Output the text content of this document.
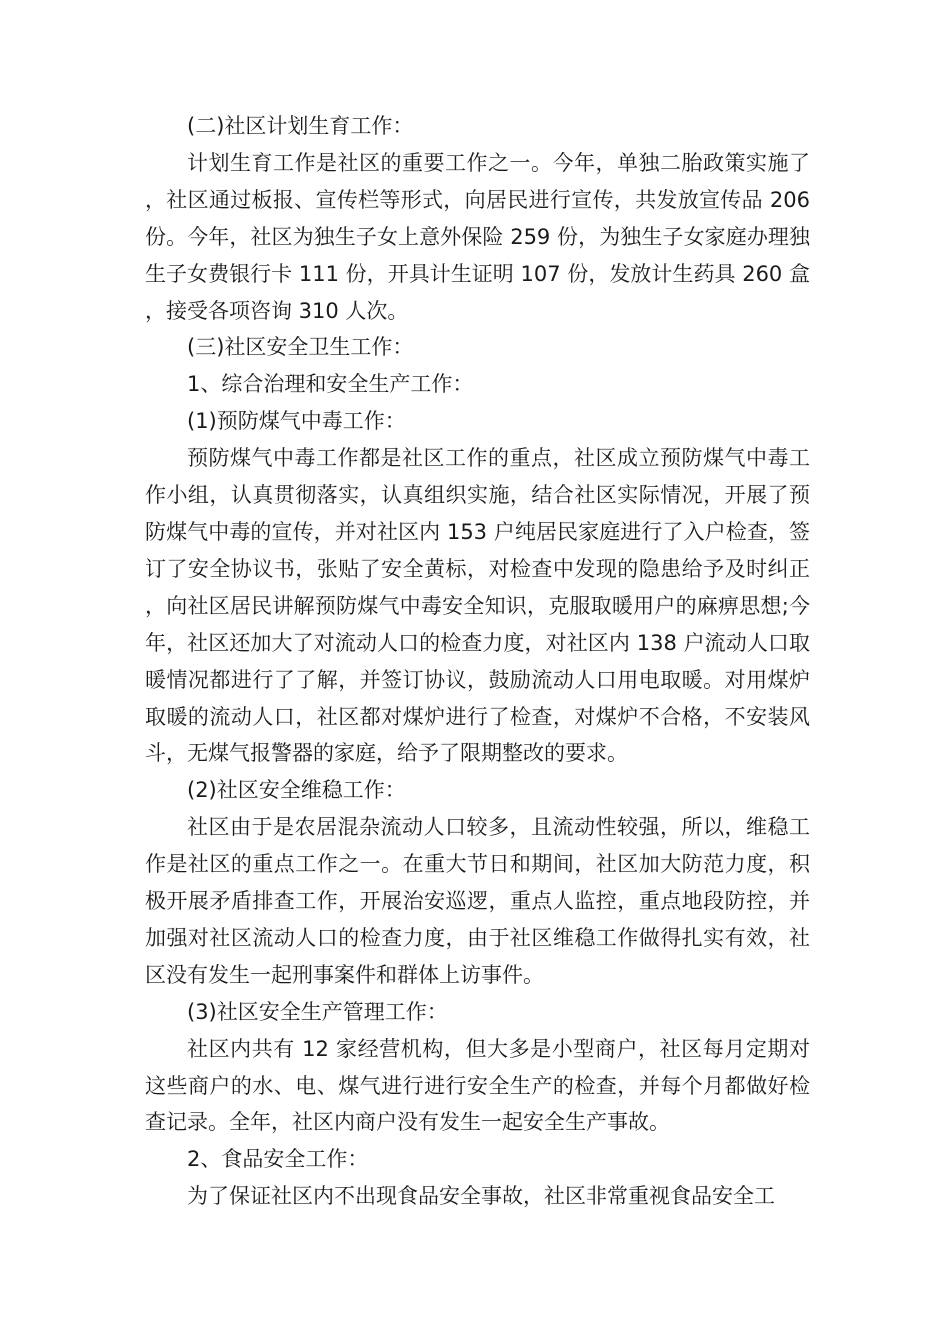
(二)社区计划生育工作：

计划生育工作是社区的重要工作之一。今年，单独二胎政策实施了，社区通过板报、宣传栏等形式，向居民进行宣传，共发放宣传品 206 份。今年，社区为独生子女上意外保险 259 份，为独生子女家庭办理独生子女费银行卡 111 份，开具计生证明 107 份，发放计生药具 260 盒，接受各项咨询 310 人次。

(三)社区安全卫生工作：

1、综合治理和安全生产工作：

(1)预防煤气中毒工作：

预防煤气中毒工作都是社区工作的重点，社区成立预防煤气中毒工作小组，认真贯彻落实，认真组织实施，结合社区实际情况，开展了预防煤气中毒的宣传，并对社区内 153 户纯居民家庭进行了入户检查，签订了安全协议书，张贴了安全黄标，对检查中发现的隐患给予及时纠正，向社区居民讲解预防煤气中毒安全知识，克服取暖用户的麻痹思想;今年，社区还加大了对流动人口的检查力度，对社区内 138 户流动人口取暖情况都进行了了解，并签订协议，鼓励流动人口用电取暖。对用煤炉取暖的流动人口，社区都对煤炉进行了检查，对煤炉不合格，不安装风斗，无煤气报警器的家庭，给予了限期整改的要求。

(2)社区安全维稳工作：

社区由于是农居混杂流动人口较多，且流动性较强，所以，维稳工作是社区的重点工作之一。在重大节日和期间，社区加大防范力度，积极开展矛盾排查工作，开展治安巡逻，重点人监控，重点地段防控，并加强对社区流动人口的检查力度，由于社区维稳工作做得扎实有效，社区没有发生一起刑事案件和群体上访事件。

(3)社区安全生产管理工作：

社区内共有 12 家经营机构，但大多是小型商户，社区每月定期对这些商户的水、电、煤气进行进行安全生产的检查，并每个月都做好检查记录。全年，社区内商户没有发生一起安全生产事故。

2、食品安全工作：

为了保证社区内不出现食品安全事故，社区非常重视食品安全工
